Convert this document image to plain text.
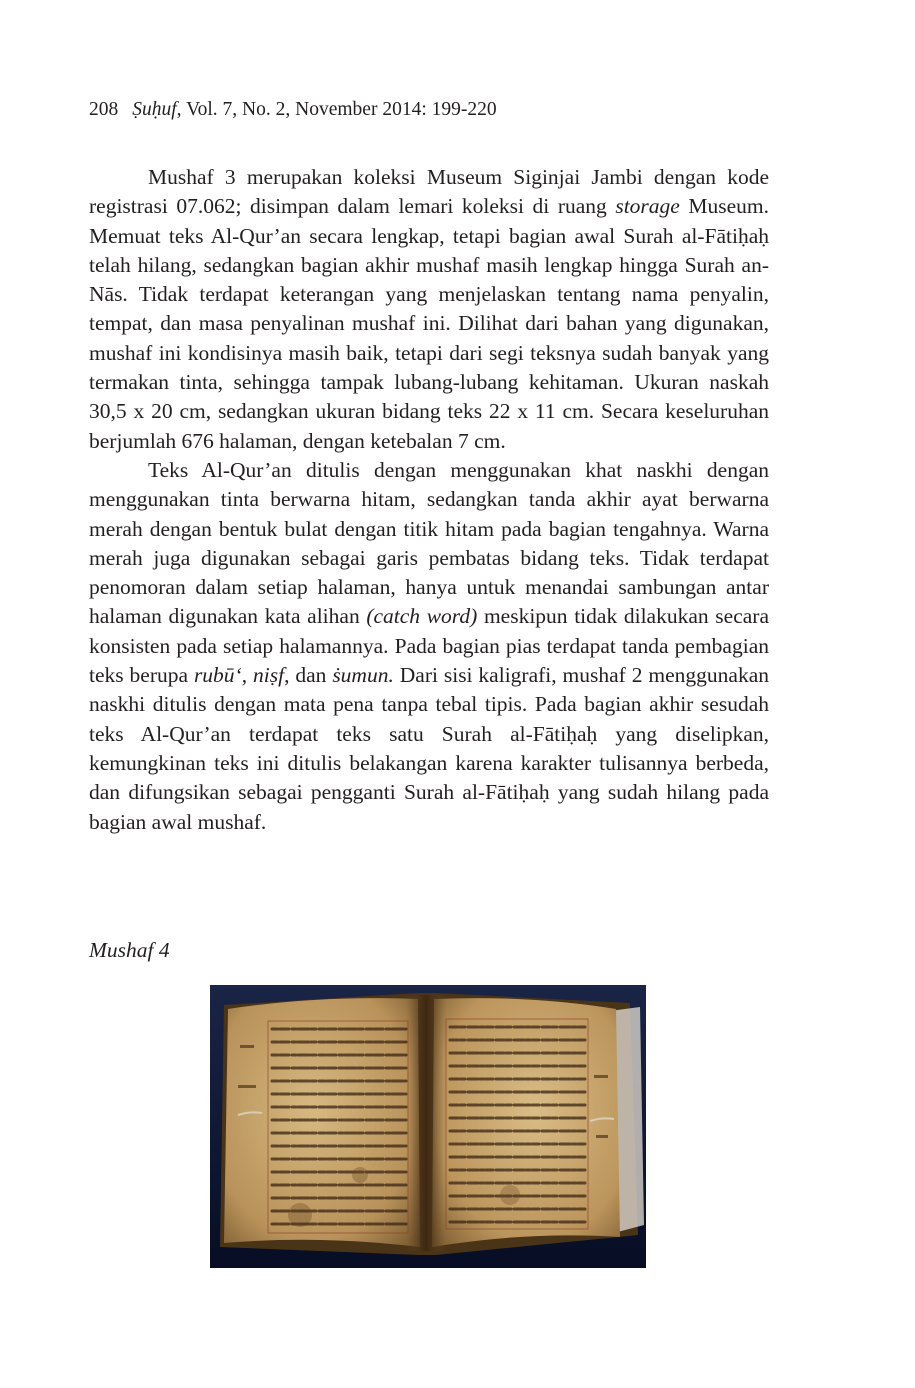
208 Ṣuḥuf, Vol. 7, No. 2, November 2014: 199-220

Mushaf 3 merupakan koleksi Museum Siginjai Jambi dengan kode registrasi 07.062; disimpan dalam lemari koleksi di ruang storage Museum. Memuat teks Al-Qur’an secara lengkap, tetapi bagian awal Surah al-Fātiḥaḥ telah hilang, sedangkan bagian akhir mushaf masih lengkap hingga Surah an-Nās. Tidak terdapat keterangan yang menjelaskan tentang nama penyalin, tempat, dan masa penyalinan mushaf ini. Dilihat dari bahan yang digunakan, mushaf ini kondisinya masih baik, tetapi dari segi teksnya sudah banyak yang termakan tinta, sehingga tampak lubang-lubang kehitaman. Ukuran naskah 30,5 x 20 cm, sedangkan ukuran bidang teks 22 x 11 cm. Secara keseluruhan berjumlah 676 halaman, dengan ketebalan 7 cm.

Teks Al-Qur’an ditulis dengan menggunakan khat naskhi dengan menggunakan tinta berwarna hitam, sedangkan tanda akhir ayat berwarna merah dengan bentuk bulat dengan titik hitam pada bagian tengahnya. Warna merah juga digunakan sebagai garis pembatas bidang teks. Tidak terdapat penomoran dalam setiap halaman, hanya untuk menandai sambungan antar halaman digunakan kata alihan (catch word) meskipun tidak dilakukan secara konsisten pada setiap halamannya. Pada bagian pias terdapat tanda pembagian teks berupa rubū‘, niṣf, dan ṡumun. Dari sisi kaligrafi, mushaf 2 menggunakan naskhi ditulis dengan mata pena tanpa tebal tipis. Pada bagian akhir sesudah teks Al-Qur’an terdapat teks satu Surah al-Fātiḥaḥ yang diselipkan, kemungkinan teks ini ditulis belakangan karena karakter tulisannya berbeda, dan difungsikan sebagai pengganti Surah al-Fātiḥaḥ yang sudah hilang pada bagian awal mushaf.

Mushaf 4
